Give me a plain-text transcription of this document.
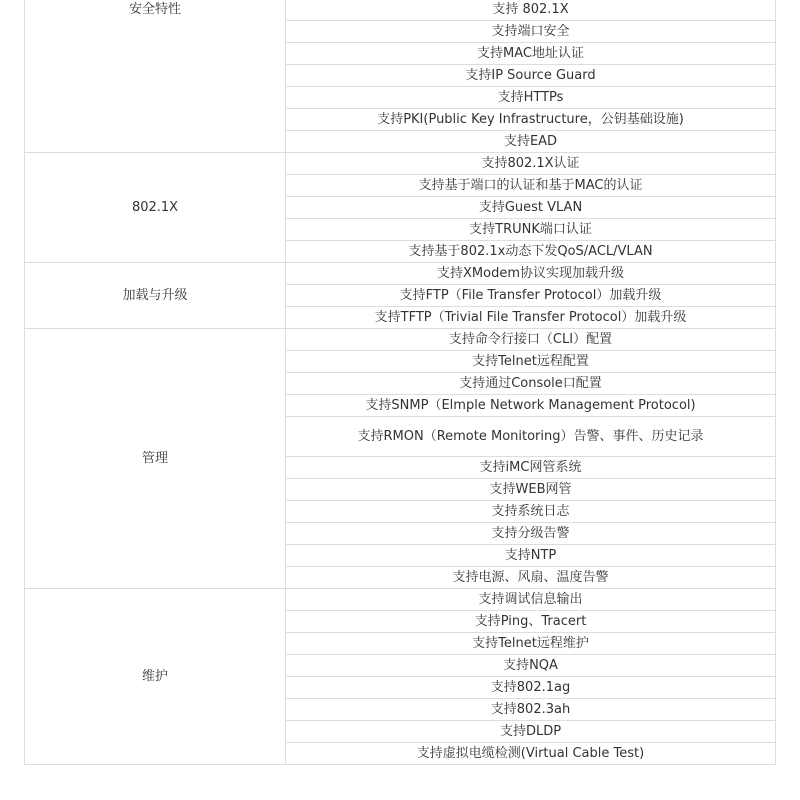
安全特性	支持 802.1X
	支持端口安全
	支持MAC地址认证
	支持IP Source Guard
	支持HTTPs
	支持PKI(Public Key Infrastructure，公钥基础设施)
	支持EAD
802.1X	支持802.1X认证
	支持基于端口的认证和基于MAC的认证
	支持Guest VLAN
	支持TRUNK端口认证
	支持基于802.1x动态下发QoS/ACL/VLAN
加载与升级	支持XModem协议实现加载升级
	支持FTP（File Transfer Protocol）加载升级
	支持TFTP（Trivial File Transfer Protocol）加载升级
管理	支持命令行接口（CLI）配置
	支持Telnet远程配置
	支持通过Console口配置
	支持SNMP（Elmple Network Management Protocol)
	支持RMON（Remote Monitoring）告警、事件、历史记录
	支持iMC网管系统
	支持WEB网管
	支持系统日志
	支持分级告警
	支持NTP
	支持电源、风扇、温度告警
维护	支持调试信息输出
	支持Ping、Tracert
	支持Telnet远程维护
	支持NQA
	支持802.1ag
	支持802.3ah
	支持DLDP
	支持虚拟电缆检测(Virtual Cable Test)
